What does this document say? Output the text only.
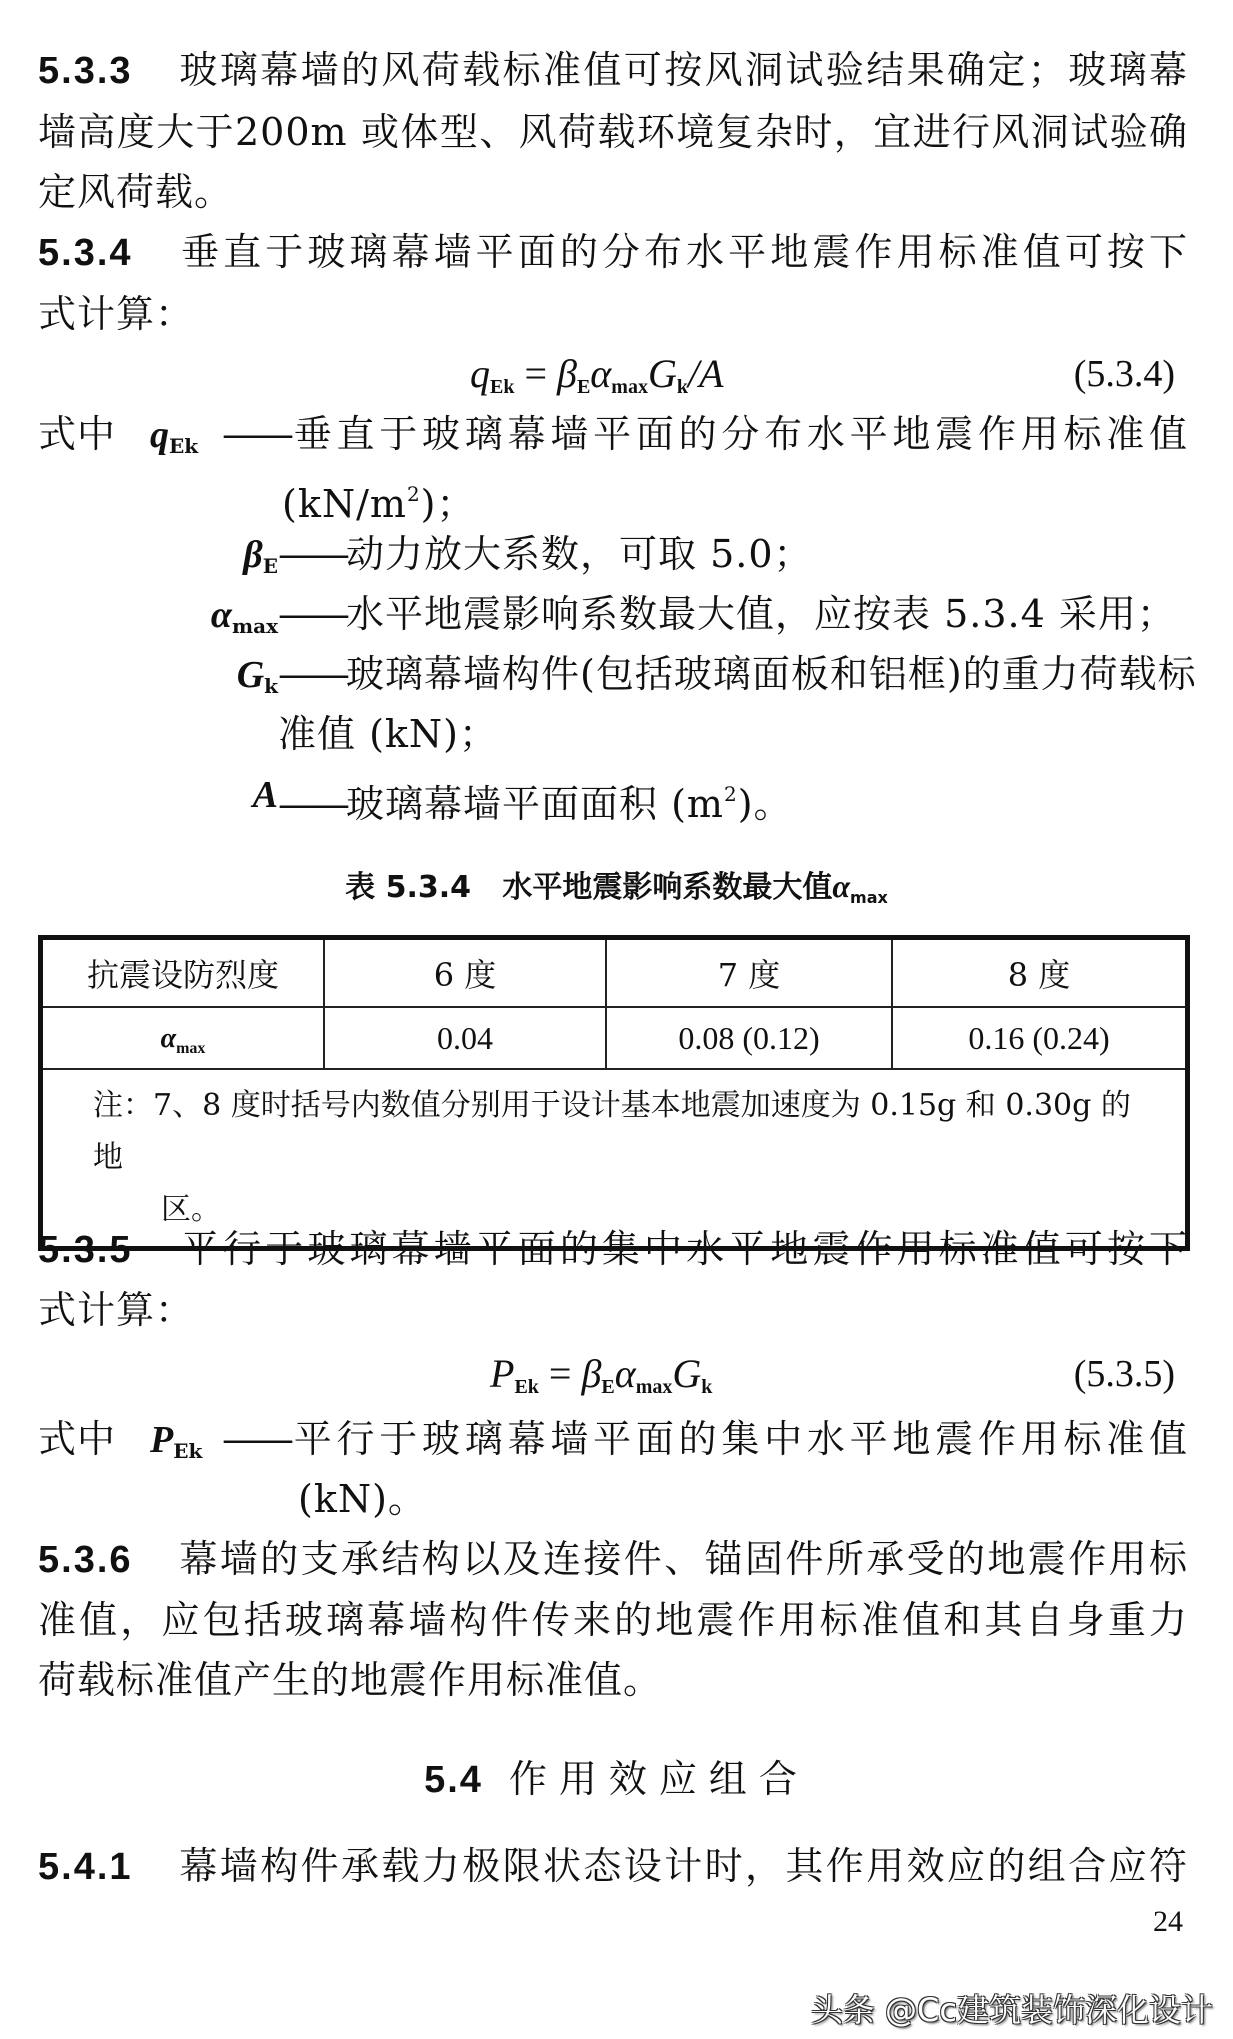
5.3.3 玻璃幕墙的风荷载标准值可按风洞试验结果确定；玻璃幕
墙高度大于200m 或体型、风荷载环境复杂时，宜进行风洞试验确
定风荷载。
5.3.4 垂直于玻璃幕墙平面的分布水平地震作用标准值可按下
式计算：
$q_{Ek} = \beta_E\alpha_{max}G_k/A$	(5.3.4)
式中 $q_{Ek}$ ——垂直于玻璃幕墙平面的分布水平地震作用标准值
$(kN/m^2)$；
$\beta_E$ ——动力放大系数，可取 5.0；
$\alpha_{max}$ ——水平地震影响系数最大值，应按表 5.3.4 采用；
$G_k$ ——玻璃幕墙构件(包括玻璃面板和铝框)的重力荷载标
准值 (kN)；
A ——玻璃幕墙平面面积 $(m^2)$。
表 5.3.4 水平地震影响系数最大值$\alpha_{max}$
抗震设防烈度	6 度	7 度	8 度
$\alpha_{max}$	0.04	0.08 (0.12)	0.16 (0.24)
注：7、8 度时括号内数值分别用于设计基本地震加速度为 0.15g 和 0.30g 的地
区。			
5.3.5 平行于玻璃幕墙平面的集中水平地震作用标准值可按下
式计算：
$P_{Ek} = \beta_E\alpha_{max}G_k$	(5.3.5)
式中 $P_{Ek}$ ——平行于玻璃幕墙平面的集中水平地震作用标准值
(kN)。
5.3.6 幕墙的支承结构以及连接件、锚固件所承受的地震作用标
准值，应包括玻璃幕墙构件传来的地震作用标准值和其自身重力
荷载标准值产生的地震作用标准值。
5.4 作用效应组合
5.4.1 幕墙构件承载力极限状态设计时，其作用效应的组合应符
24
头条 @Cc建筑装饰深化设计
